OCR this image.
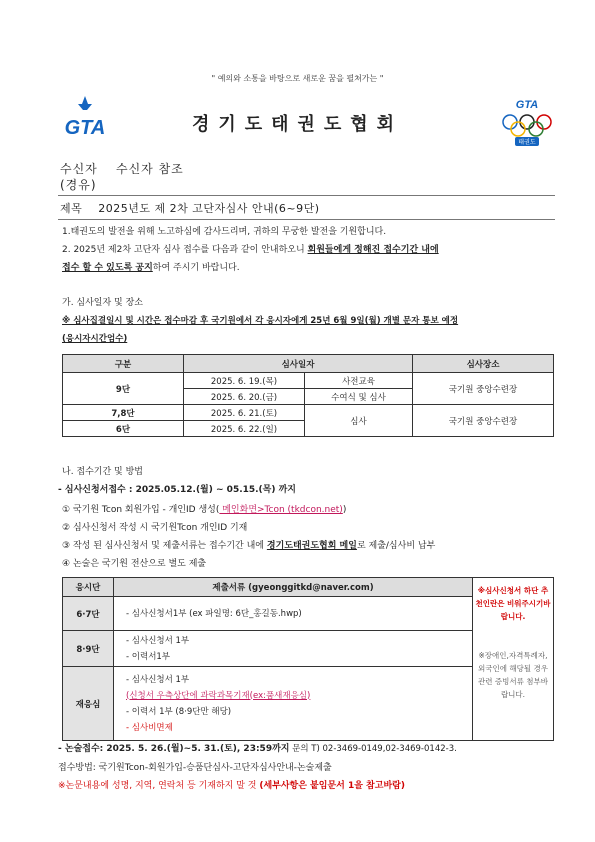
" 예의와 소통을 바탕으로 새로운 꿈을 펼쳐가는 "
GTA	경기도태권도협회
GTA
태권도
수신자 수신자 참조
(경유)
제목 2025년도 제 2차 고단자심사 안내(6~9단)
1.태권도의 발전을 위해 노고하심에 감사드리며, 귀하의 무궁한 발전을 기원합니다.
2. 2025년 제2차 고단자 심사 접수를 다음과 같이 안내하오니 회원들에게 정해진 접수기간 내에
접수 할 수 있도록 공지하여 주시기 바랍니다.
가. 심사일자 및 장소
※ 심사집결일시 및 시간은 접수마감 후 국기원에서 각 응시자에게 25년 6월 9일(월) 개별 문자 통보 예정
(응시자시간엄수)
구분	심사일자		심사장소
9단	2025. 6. 19.(목)	사전교육	국기원 중앙수련장
	2025. 6. 20.(금)	수여식 및 심사	
7,8단	2025. 6. 21.(토)	심사	국기원 중앙수련장
6단	2025. 6. 22.(일)		
나. 접수기간 및 방법
- 심사신청서접수 : 2025.05.12.(월) ~ 05.15.(목) 까지
① 국기원 Tcon 회원가입 - 개인ID 생성( 메인화면>Tcon (tkdcon.net))
② 심사신청서 작성 시 국기원Tcon 개인ID 기재
③ 작성 된 심사신청서 및 제출서류는 접수기간 내에 경기도태권도협회 메일로 제출/심사비 납부
④ 논술은 국기원 전산으로 별도 제출
응시단	제출서류 (gyeonggitkd@naver.com)	※심사신청서 하단 추천인란은 비워주시기바랍니다.
※장애인,자격특례자,외국인에 해당될 경우 관련 증빙서류 첨부바랍니다.

6·7단	- 심사신청서1부 (ex 파일명: 6단_홍길동.hwp)	

8·9단	- 심사신청서 1부
- 이력서1부	

재응심	- 심사신청서 1부
(신청서 우측상단에 과락과목기재(ex:품새재응심)
- 이력서 1부 (8·9단만 해당)
- 심사비면제	
- 논술접수: 2025. 5. 26.(월)~5. 31.(토), 23:59까지 문의 T) 02-3469-0149,02-3469-0142-3.
접수방법: 국기원Tcon-회원가입-승품단심사-고단자심사안내-논술제출
※논문내용에 성명, 지역, 연락처 등 기재하지 말 것 (세부사항은 붙임문서 1을 참고바람)
